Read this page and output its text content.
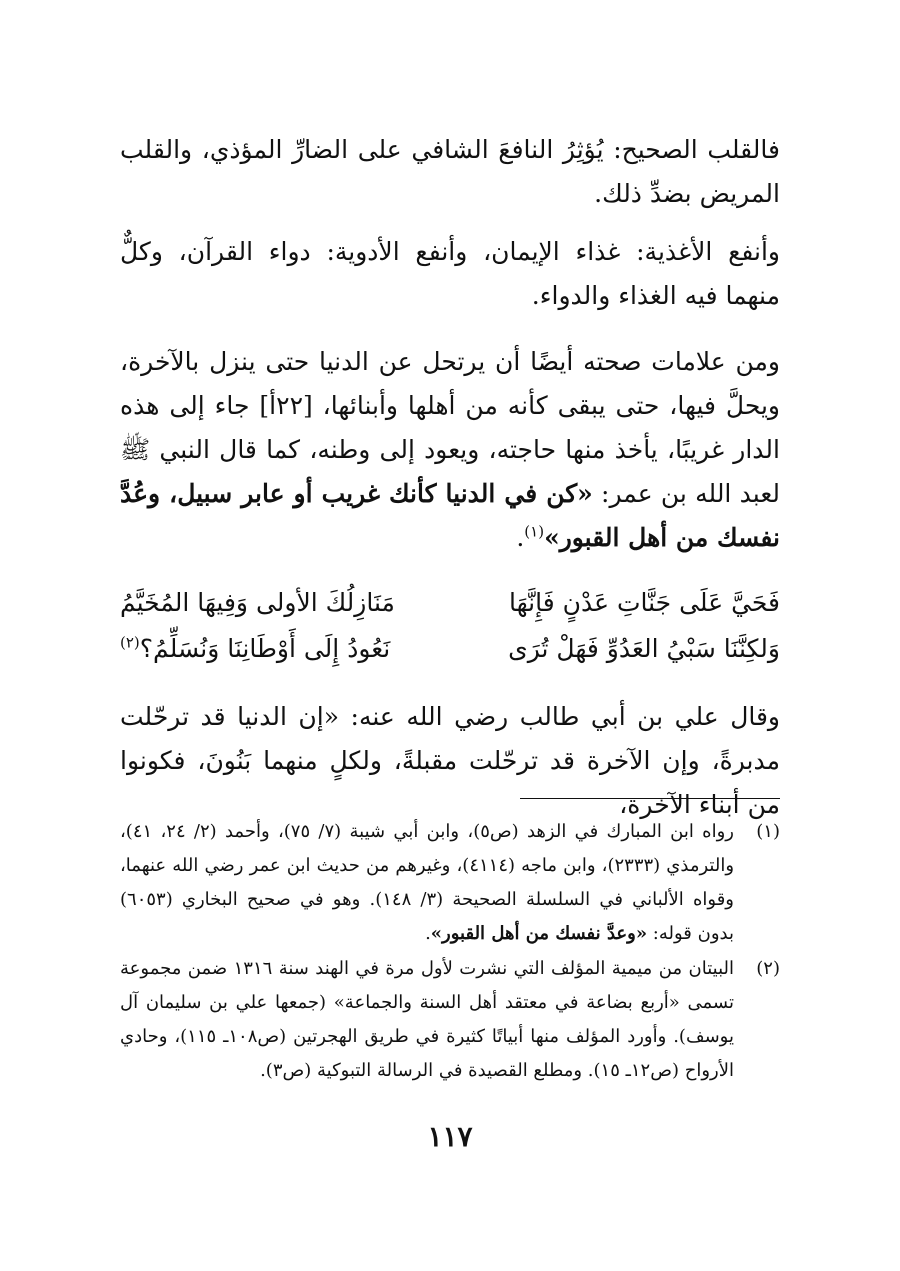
فالقلب الصحيح: يُؤثِرُ النافعَ الشافي على الضارِّ المؤذي، والقلب المريض بضدِّ ذلك.

وأنفع الأغذية: غذاء الإيمان، وأنفع الأدوية: دواء القرآن، وكلٌّ منهما فيه الغذاء والدواء.

ومن علامات صحته أيضًا أن يرتحل عن الدنيا حتى ينزل بالآخرة، ويحلَّ فيها، حتى يبقى كأنه من أهلها وأبنائها، [٢٢أ] جاء إلى هذه الدار غريبًا، يأخذ منها حاجته، ويعود إلى وطنه، كما قال النبي ﷺ لعبد الله بن عمر: «كن في الدنيا كأنك غريب أو عابر سبيل، وعُدَّ نفسك من أهل القبور»$^{(١)}$.

فَحَيَّ عَلَى جَنَّاتِ عَدْنٍ فَإِنَّهَا
مَنَازِلُكَ الأولى وَفِيهَا المُخَيَّمُ
وَلكِنَّنَا سَبْيُ العَدُوِّ فَهَلْ تُرَى
نَعُودُ إِلَى أَوْطَانِنَا وَنُسَلِّمُ؟$^{(٢)}$

وقال علي بن أبي طالب رضي الله عنه: «إن الدنيا قد ترحّلت مدبرةً، وإن الآخرة قد ترحّلت مقبلةً، ولكلٍ منهما بَنُونَ، فكونوا من أبناء الآخرة،

(١)
رواه ابن المبارك في الزهد (ص٥)، وابن أبي شيبة (٧/ ٧٥)، وأحمد (٢/ ٢٤، ٤١)، والترمذي (٢٣٣٣)، وابن ماجه (٤١١٤)، وغيرهم من حديث ابن عمر رضي الله عنهما، وقواه الألباني في السلسلة الصحيحة (٣/ ١٤٨). وهو في صحيح البخاري (٦٠٥٣) بدون قوله: «وعدَّ نفسك من أهل القبور».
(٢)
البيتان من ميمية المؤلف التي نشرت لأول مرة في الهند سنة ١٣١٦ ضمن مجموعة تسمى «أربع بضاعة في معتقد أهل السنة والجماعة» (جمعها علي بن سليمان آل يوسف). وأورد المؤلف منها أبياتًا كثيرة في طريق الهجرتين (ص١٠٨ـ ١١٥)، وحادي الأرواح (ص١٢ـ ١٥). ومطلع القصيدة في الرسالة التبوكية (ص٣).
١١٧
